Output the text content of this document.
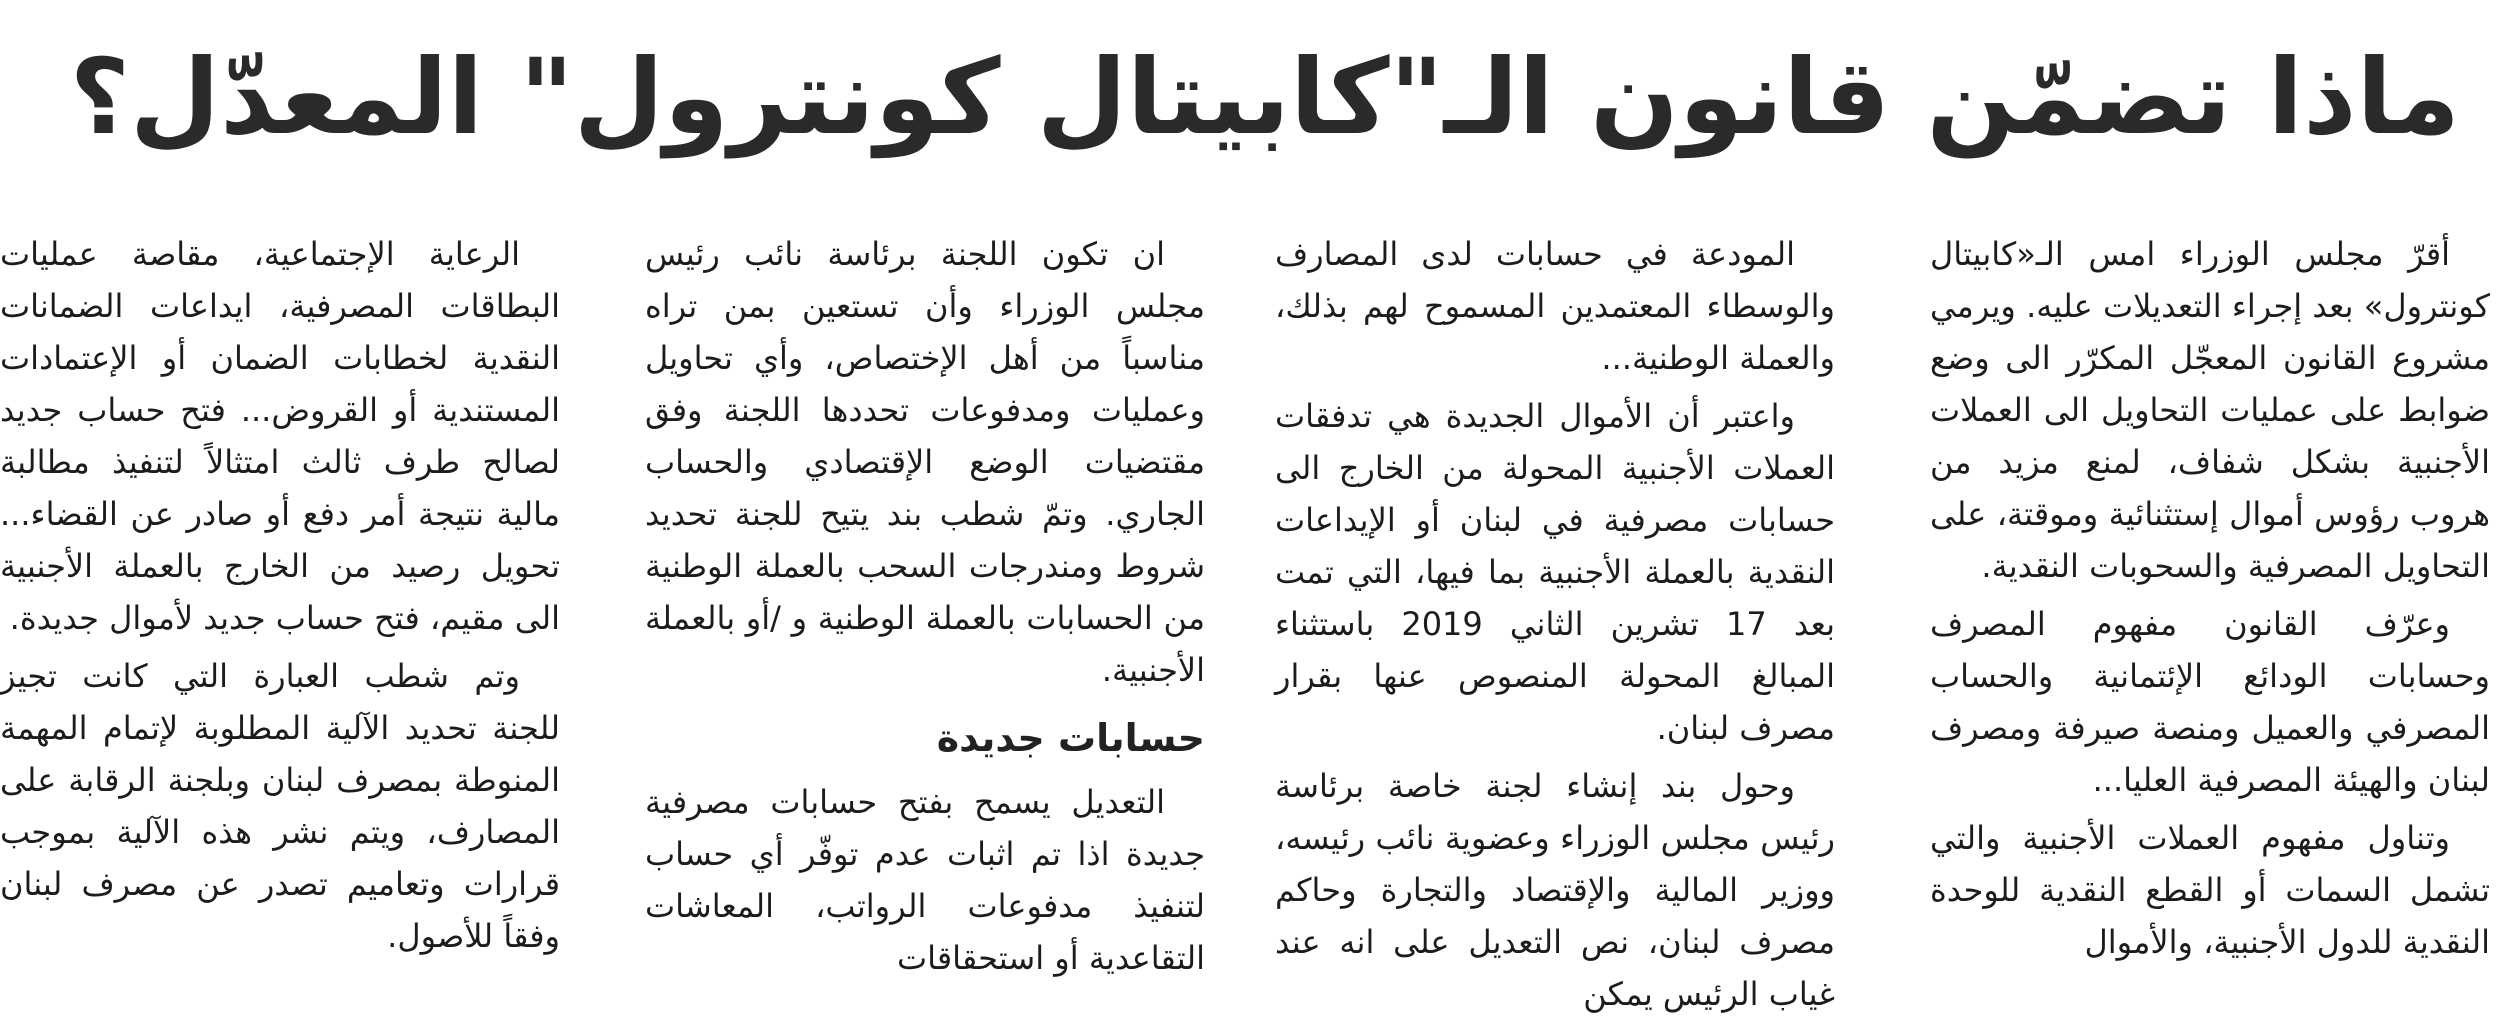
ماذا تضمّن قانون الـ"كابيتال كونترول" المعدّل؟

أقرّ مجلس الوزراء امس الـ«كابيتال كونترول» بعد إجراء التعديلات عليه. ويرمي مشروع القانون المعجّل المكرّر الى وضع ضوابط على عمليات التحاويل الى العملات الأجنبية بشكل شفاف، لمنع مزيد من هروب رؤوس أموال إستثنائية وموقتة، على التحاويل المصرفية والسحوبات النقدية.

وعرّف القانون مفهوم المصرف وحسابات الودائع الإئتمانية والحساب المصرفي والعميل ومنصة صيرفة ومصرف لبنان والهيئة المصرفية العليا...

وتناول مفهوم العملات الأجنبية والتي تشمل السمات أو القطع النقدية للوحدة النقدية للدول الأجنبية، والأموال

المودعة في حسابات لدى المصارف والوسطاء المعتمدين المسموح لهم بذلك، والعملة الوطنية...

واعتبر أن الأموال الجديدة هي تدفقات العملات الأجنبية المحولة من الخارج الى حسابات مصرفية في لبنان أو الإيداعات النقدية بالعملة الأجنبية بما فيها، التي تمت بعد 17 تشرين الثاني 2019 باستثناء المبالغ المحولة المنصوص عنها بقرار مصرف لبنان.

وحول بند إنشاء لجنة خاصة برئاسة رئيس مجلس الوزراء وعضوية نائب رئيسه، ووزير المالية والإقتصاد والتجارة وحاكم مصرف لبنان، نص التعديل على انه عند غياب الرئيس يمكن

ان تكون اللجنة برئاسة نائب رئيس مجلس الوزراء وأن تستعين بمن تراه مناسباً من أهل الإختصاص، وأي تحاويل وعمليات ومدفوعات تحددها اللجنة وفق مقتضيات الوضع الإقتصادي والحساب الجاري. وتمّ شطب بند يتيح للجنة تحديد شروط ومندرجات السحب بالعملة الوطنية من الحسابات بالعملة الوطنية و /أو بالعملة الأجنبية.

حسابات جديدة

التعديل يسمح بفتح حسابات مصرفية جديدة اذا تم اثبات عدم توفّر أي حساب لتنفيذ مدفوعات الرواتب، المعاشات التقاعدية أو استحقاقات

الرعاية الإجتماعية، مقاصة عمليات البطاقات المصرفية، ايداعات الضمانات النقدية لخطابات الضمان أو الإعتمادات المستندية أو القروض... فتح حساب جديد لصالح طرف ثالث امتثالاً لتنفيذ مطالبة مالية نتيجة أمر دفع أو صادر عن القضاء... تحويل رصيد من الخارج بالعملة الأجنبية الى مقيم، فتح حساب جديد لأموال جديدة.

وتم شطب العبارة التي كانت تجيز للجنة تحديد الآلية المطلوبة لإتمام المهمة المنوطة بمصرف لبنان وبلجنة الرقابة على المصارف، ويتم نشر هذه الآلية بموجب قرارات وتعاميم تصدر عن مصرف لبنان وفقاً للأصول.
